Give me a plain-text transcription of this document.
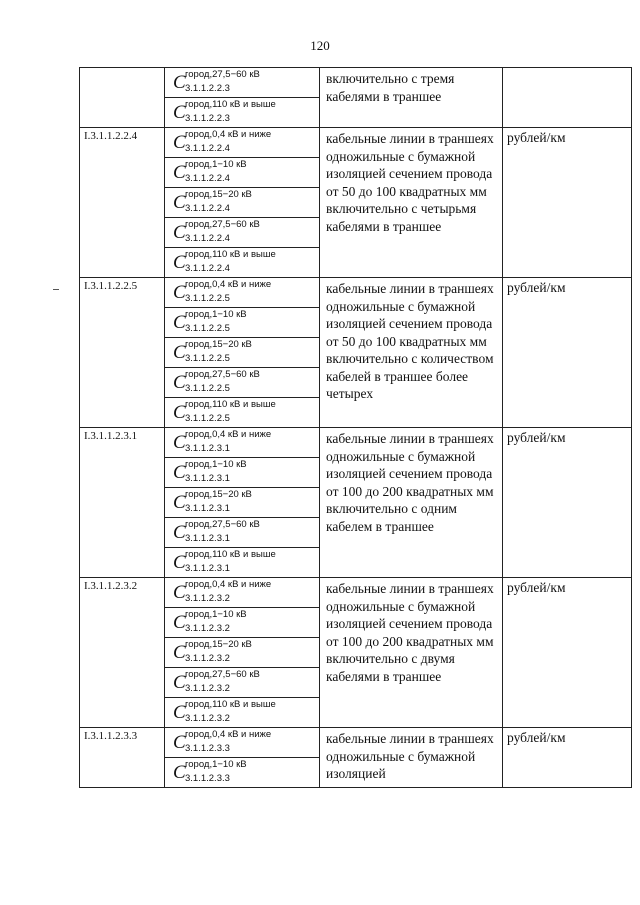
120

	C город,27,5−60 кВ
3.1.1.2.2.3	включительно с тремя кабелями в траншее	

	C город,110 кВ и выше
3.1.1.2.2.3		

I.3.1.1.2.2.4	C город,0,4 кВ и ниже
3.1.1.2.2.4	кабельные линии в траншеях одножильные с бумажной изоляцией сечением провода от 50 до 100 квадратных мм включительно с четырьмя кабелями в траншее	рублей/км

	C город,1−10 кВ
3.1.1.2.2.4		

	C город,15−20 кВ
3.1.1.2.2.4		

	C город,27,5−60 кВ
3.1.1.2.2.4		

	C город,110 кВ и выше
3.1.1.2.2.4		

I.3.1.1.2.2.5	C город,0,4 кВ и ниже
3.1.1.2.2.5	кабельные линии в траншеях одножильные с бумажной изоляцией сечением провода от 50 до 100 квадратных мм включительно с количеством кабелей в траншее более четырех	рублей/км

	C город,1−10 кВ
3.1.1.2.2.5		

	C город,15−20 кВ
3.1.1.2.2.5		

	C город,27,5−60 кВ
3.1.1.2.2.5		

	C город,110 кВ и выше
3.1.1.2.2.5		

I.3.1.1.2.3.1	C город,0,4 кВ и ниже
3.1.1.2.3.1	кабельные линии в траншеях одножильные с бумажной изоляцией сечением провода от 100 до 200 квадратных мм включительно с одним кабелем в траншее	рублей/км

	C город,1−10 кВ
3.1.1.2.3.1		

	C город,15−20 кВ
3.1.1.2.3.1		

	C город,27,5−60 кВ
3.1.1.2.3.1		

	C город,110 кВ и выше
3.1.1.2.3.1		

I.3.1.1.2.3.2	C город,0,4 кВ и ниже
3.1.1.2.3.2	кабельные линии в траншеях одножильные с бумажной изоляцией сечением провода от 100 до 200 квадратных мм включительно с двумя кабелями в траншее	рублей/км

	C город,1−10 кВ
3.1.1.2.3.2		

	C город,15−20 кВ
3.1.1.2.3.2		

	C город,27,5−60 кВ
3.1.1.2.3.2		

	C город,110 кВ и выше
3.1.1.2.3.2		

I.3.1.1.2.3.3	C город,0,4 кВ и ниже
3.1.1.2.3.3	кабельные линии в траншеях одножильные с бумажной изоляцией	рублей/км

	C город,1−10 кВ
3.1.1.2.3.3		
